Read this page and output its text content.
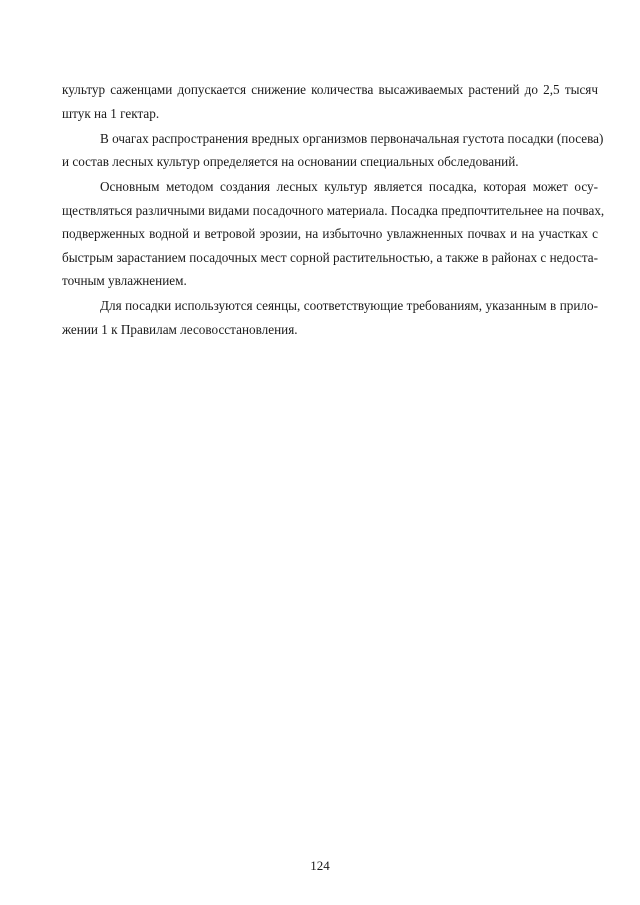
культур саженцами допускается снижение количества высаживаемых растений до 2,5 тысяч
штук на 1 гектар.
В очагах распространения вредных организмов первоначальная густота посадки (посева)
и состав лесных культур определяется на основании специальных обследований.
Основным методом создания лесных культур является посадка, которая может осу-
ществляться различными видами посадочного материала. Посадка предпочтительнее на почвах,
подверженных водной и ветровой эрозии, на избыточно увлажненных почвах и на участках с
быстрым зарастанием посадочных мест сорной растительностью, а также в районах с недоста-
точным увлажнением.
Для посадки используются сеянцы, соответствующие требованиям, указанным в прило-
жении 1 к Правилам лесовосстановления.
124
